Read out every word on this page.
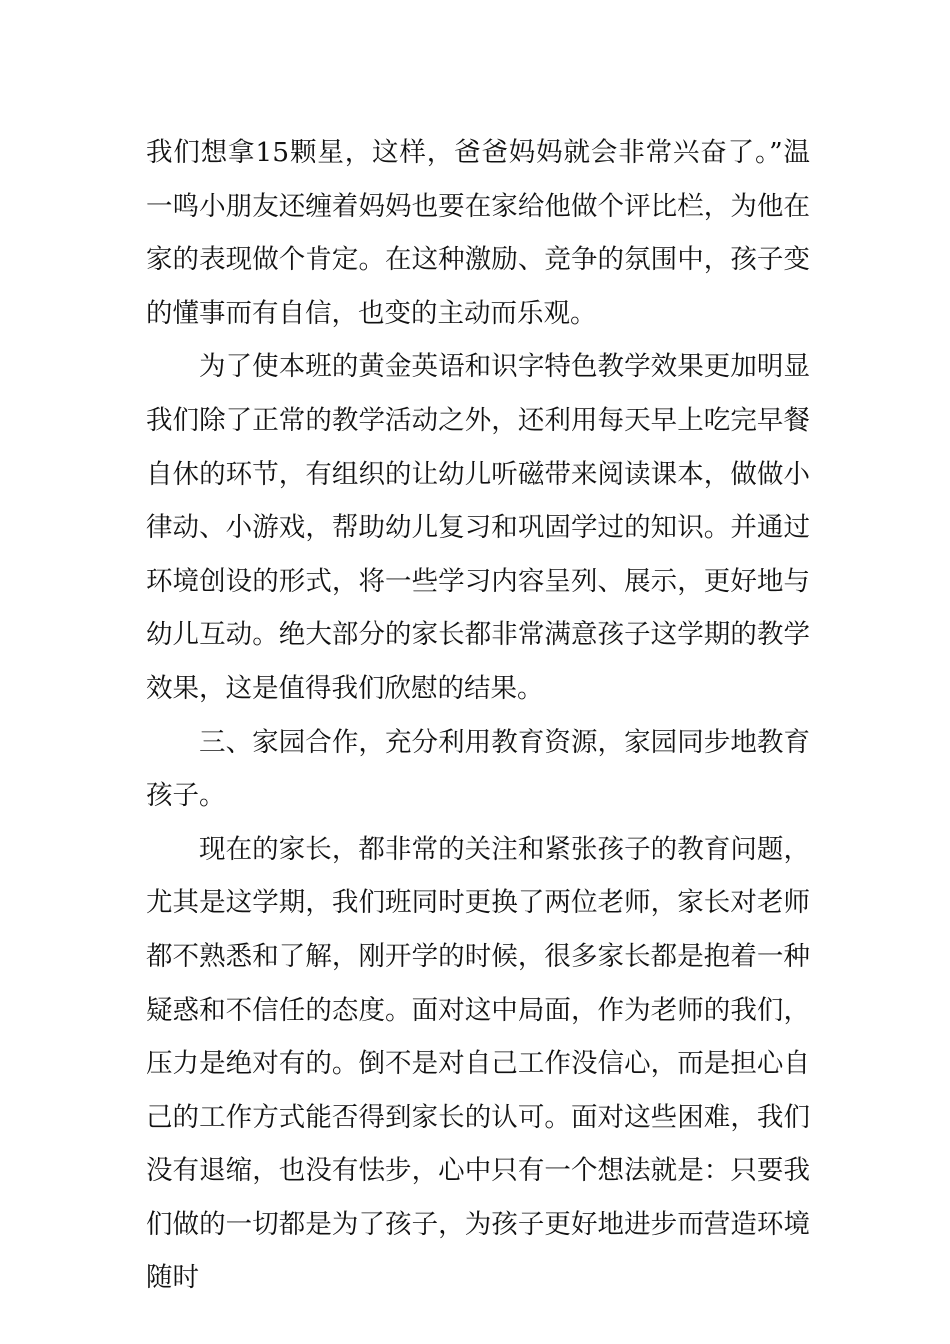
我们想拿15颗星，这样，爸爸妈妈就会非常兴奋了。”温一鸣小朋友还缠着妈妈也要在家给他做个评比栏，为他在家的表现做个肯定。在这种激励、竞争的氛围中，孩子变的懂事而有自信，也变的主动而乐观。

为了使本班的黄金英语和识字特色教学效果更加明显我们除了正常的教学活动之外，还利用每天早上吃完早餐自休的环节，有组织的让幼儿听磁带来阅读课本，做做小律动、小游戏，帮助幼儿复习和巩固学过的知识。并通过环境创设的形式，将一些学习内容呈列、展示，更好地与幼儿互动。绝大部分的家长都非常满意孩子这学期的教学效果，这是值得我们欣慰的结果。

三、家园合作，充分利用教育资源，家园同步地教育孩子。

现在的家长，都非常的关注和紧张孩子的教育问题，尤其是这学期，我们班同时更换了两位老师，家长对老师都不熟悉和了解，刚开学的时候，很多家长都是抱着一种疑惑和不信任的态度。面对这中局面，作为老师的我们，压力是绝对有的。倒不是对自己工作没信心，而是担心自己的工作方式能否得到家长的认可。面对这些困难，我们没有退缩，也没有怯步，心中只有一个想法就是：只要我们做的一切都是为了孩子，为孩子更好地进步而营造环境随时
